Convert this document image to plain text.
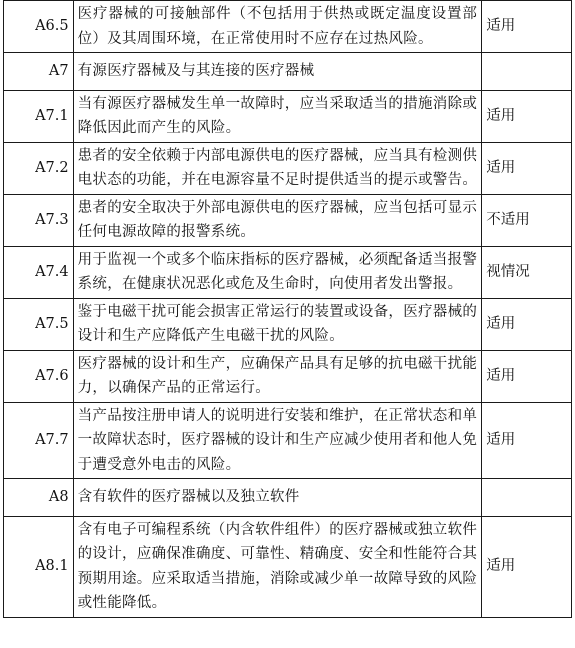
A6.5	医疗器械的可接触部件（不包括用于供热或既定温度设置部位）及其周围环境，在正常使用时不应存在过热风险。	适用
A7	有源医疗器械及与其连接的医疗器械	
A7.1	当有源医疗器械发生单一故障时，应当采取适当的措施消除或降低因此而产生的风险。	适用
A7.2	患者的安全依赖于内部电源供电的医疗器械，应当具有检测供电状态的功能，并在电源容量不足时提供适当的提示或警告。	适用
A7.3	患者的安全取决于外部电源供电的医疗器械，应当包括可显示任何电源故障的报警系统。	不适用
A7.4	用于监视一个或多个临床指标的医疗器械，必须配备适当报警系统，在健康状况恶化或危及生命时，向使用者发出警报。	视情况
A7.5	鉴于电磁干扰可能会损害正常运行的装置或设备，医疗器械的设计和生产应降低产生电磁干扰的风险。	适用
A7.6	医疗器械的设计和生产，应确保产品具有足够的抗电磁干扰能力，以确保产品的正常运行。	适用
A7.7	当产品按注册申请人的说明进行安装和维护，在正常状态和单一故障状态时，医疗器械的设计和生产应减少使用者和他人免于遭受意外电击的风险。	适用
A8	含有软件的医疗器械以及独立软件	
A8.1	含有电子可编程系统（内含软件组件）的医疗器械或独立软件的设计，应确保准确度、可靠性、精确度、安全和性能符合其预期用途。应采取适当措施，消除或减少单一故障导致的风险或性能降低。	适用
